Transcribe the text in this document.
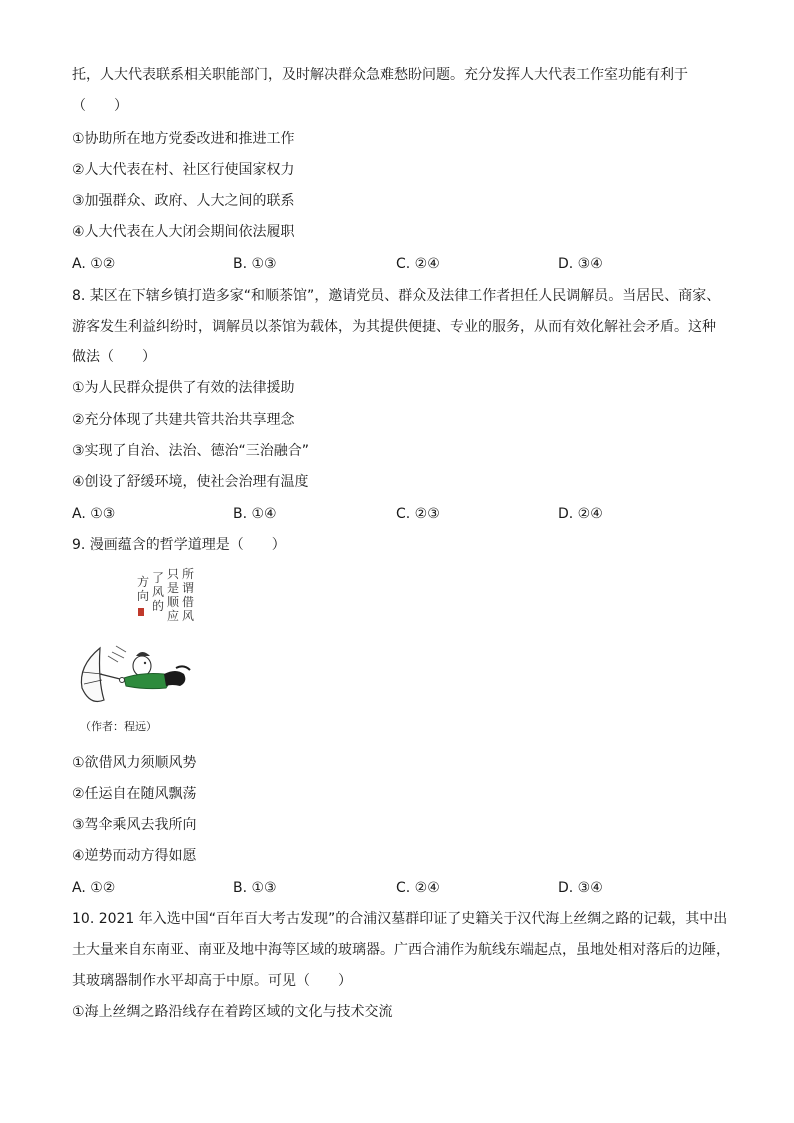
托，人大代表联系相关职能部门，及时解决群众急难愁盼问题。充分发挥人大代表工作室功能有利于
（　　）
①协助所在地方党委改进和推进工作
②人大代表在村、社区行使国家权力
③加强群众、政府、人大之间的联系
④人大代表在人大闭会期间依法履职
A. ①②	B. ①③	C. ②④	D. ③④
8. 某区在下辖乡镇打造多家“和顺茶馆”，邀请党员、群众及法律工作者担任人民调解员。当居民、商家、
游客发生利益纠纷时，调解员以茶馆为载体，为其提供便捷、专业的服务，从而有效化解社会矛盾。这种
做法（　　）
①为人民群众提供了有效的法律援助
②充分体现了共建共管共治共享理念
③实现了自治、法治、德治“三治融合”
④创设了舒缓环境，使社会治理有温度
A. ①③	B. ①④	C. ②③	D. ②④
9. 漫画蕴含的哲学道理是（　　）
所
谓
借
风
只
是
顺
应
了
风
的
方
向
（作者：程远）
①欲借风力须顺风势
②任运自在随风飘荡
③驾伞乘风去我所向
④逆势而动方得如愿
A. ①②	B. ①③	C. ②④	D. ③④
10. 2021 年入选中国“百年百大考古发现”的合浦汉墓群印证了史籍关于汉代海上丝绸之路的记载，其中出
土大量来自东南亚、南亚及地中海等区域的玻璃器。广西合浦作为航线东端起点，虽地处相对落后的边陲，
其玻璃器制作水平却高于中原。可见（　　）
①海上丝绸之路沿线存在着跨区域的文化与技术交流
